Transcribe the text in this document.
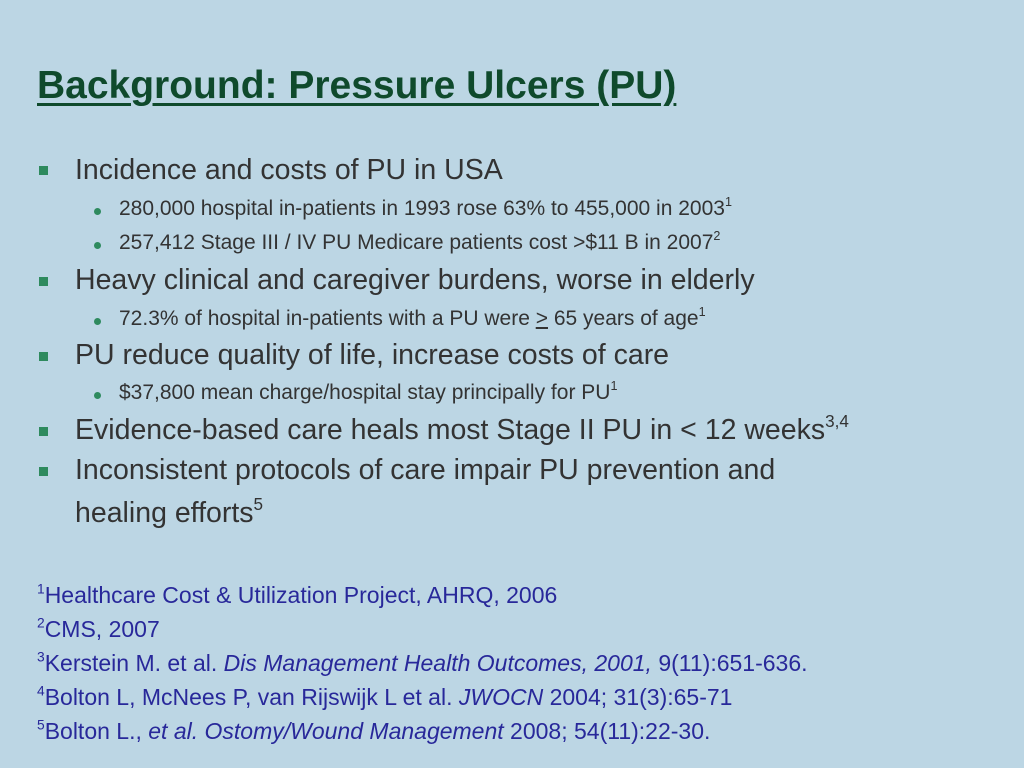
Background: Pressure Ulcers (PU)
Incidence and costs of PU in USA
280,000 hospital in-patients in 1993 rose 63% to 455,000 in 2003$^1$
257,412 Stage III / IV PU Medicare patients cost >$11 B in 2007$^2$
Heavy clinical and caregiver burdens, worse in elderly
72.3% of hospital in-patients with a PU were > 65 years of age$^1$
PU reduce quality of life, increase costs of care
$37,800 mean charge/hospital stay principally for $PU^1$
Evidence-based care heals most Stage II PU in < 12 weeks$^{3,4}$
Inconsistent protocols of care impair PU prevention and
healing efforts$^5$
$^1$Healthcare Cost & Utilization Project, AHRQ, 2006
$^2$CMS, 2007
$^3$Kerstein M. et al. Dis Management Health Outcomes, 2001, 9(11):651-636.
$^4$Bolton L, McNees P, van Rijswijk L et al. JWOCN 2004; 31(3):65-71
$^5$Bolton L., et al. Ostomy/Wound Management 2008; 54(11):22-30.
